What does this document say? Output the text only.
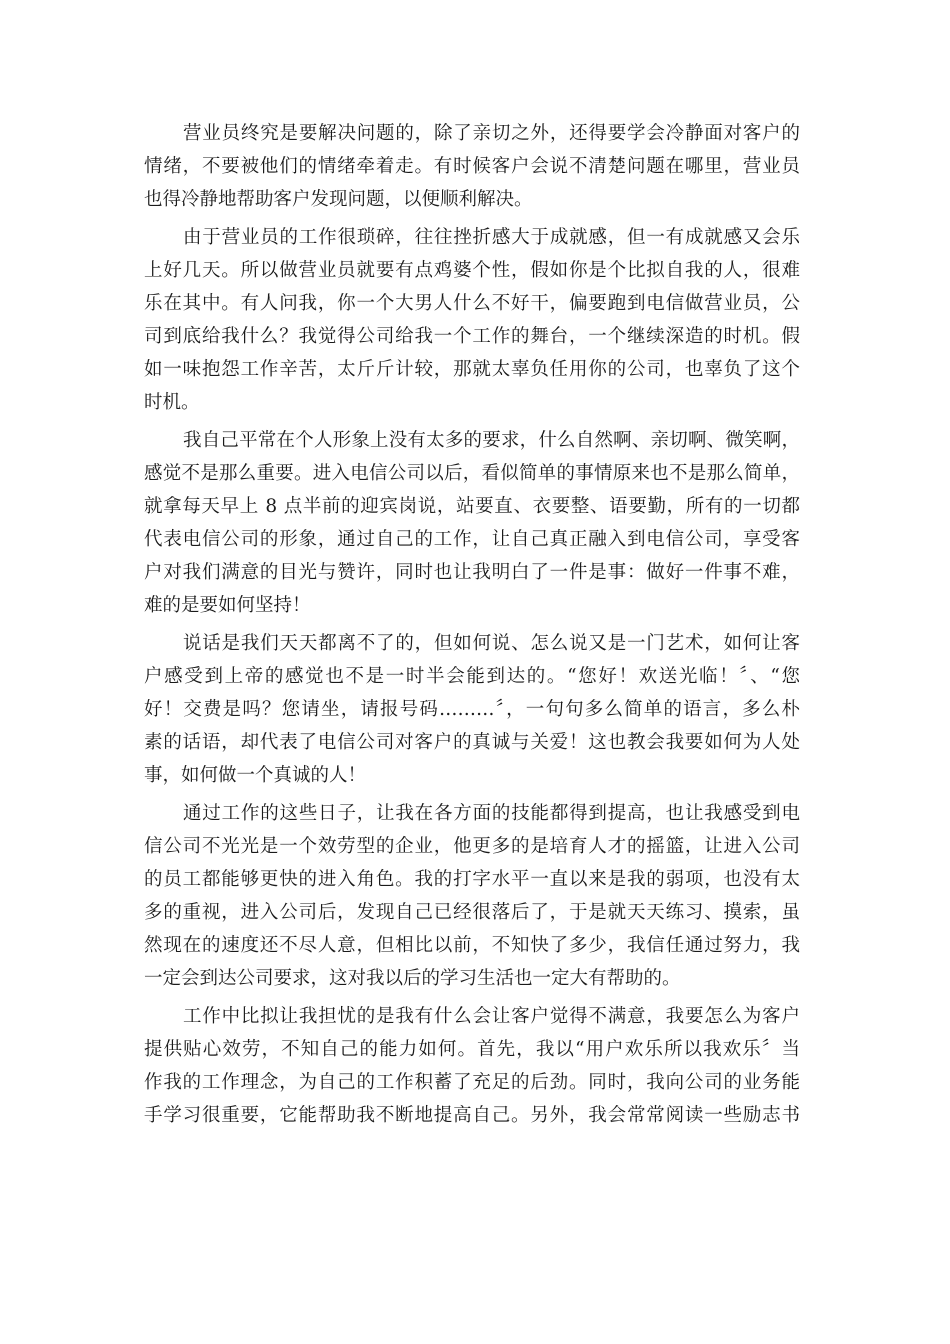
营业员终究是要解决问题的，除了亲切之外，还得要学会冷静面对客户的
情绪，不要被他们的情绪牵着走。有时候客户会说不清楚问题在哪里，营业员
也得冷静地帮助客户发现问题，以便顺利解决。
由于营业员的工作很琐碎，往往挫折感大于成就感，但一有成就感又会乐
上好几天。所以做营业员就要有点鸡婆个性，假如你是个比拟自我的人，很难
乐在其中。有人问我，你一个大男人什么不好干，偏要跑到电信做营业员，公
司到底给我什么？我觉得公司给我一个工作的舞台，一个继续深造的时机。假
如一味抱怨工作辛苦，太斤斤计较，那就太辜负任用你的公司，也辜负了这个
时机。
我自己平常在个人形象上没有太多的要求，什么自然啊、亲切啊、微笑啊，
感觉不是那么重要。进入电信公司以后，看似简单的事情原来也不是那么简单，
就拿每天早上 8 点半前的迎宾岗说，站要直、衣要整、语要勤，所有的一切都
代表电信公司的形象，通过自己的工作，让自己真正融入到电信公司，享受客
户对我们满意的目光与赞许，同时也让我明白了一件是事：做好一件事不难，
难的是要如何坚持！
说话是我们天天都离不了的，但如何说、怎么说又是一门艺术，如何让客
户感受到上帝的感觉也不是一时半会能到达的。“您好！欢送光临！〞、“您
好！交费是吗？您请坐，请报号码………〞，一句句多么简单的语言，多么朴
素的话语，却代表了电信公司对客户的真诚与关爱！这也教会我要如何为人处
事，如何做一个真诚的人！
通过工作的这些日子，让我在各方面的技能都得到提高，也让我感受到电
信公司不光光是一个效劳型的企业，他更多的是培育人才的摇篮，让进入公司
的员工都能够更快的进入角色。我的打字水平一直以来是我的弱项，也没有太
多的重视，进入公司后，发现自己已经很落后了，于是就天天练习、摸索，虽
然现在的速度还不尽人意，但相比以前，不知快了多少，我信任通过努力，我
一定会到达公司要求，这对我以后的学习生活也一定大有帮助的。
工作中比拟让我担忧的是我有什么会让客户觉得不满意，我要怎么为客户
提供贴心效劳，不知自己的能力如何。首先，我以“用户欢乐所以我欢乐〞当
作我的工作理念，为自己的工作积蓄了充足的后劲。同时，我向公司的业务能
手学习很重要，它能帮助我不断地提高自己。另外，我会常常阅读一些励志书
